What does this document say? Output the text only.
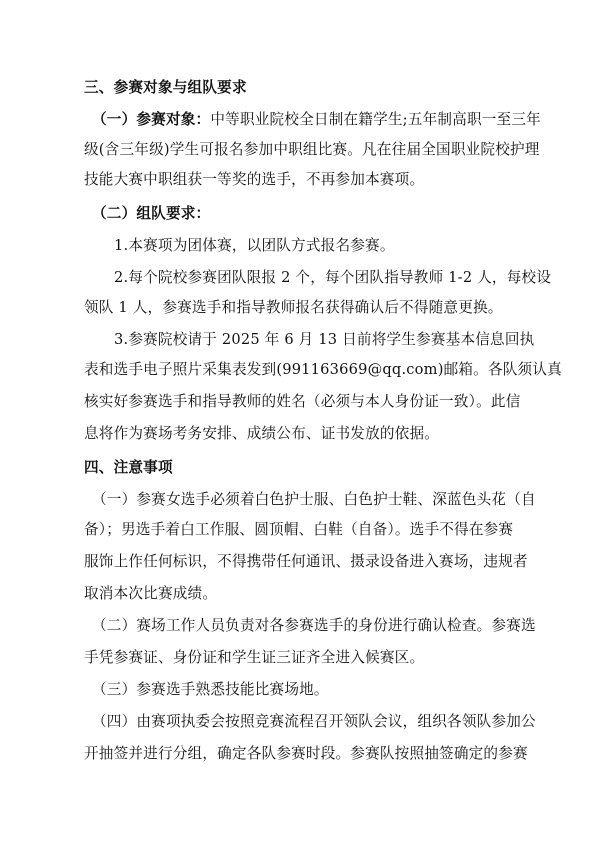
三、参赛对象与组队要求
（一）参赛对象：中等职业院校全日制在籍学生;五年制高职一至三年
级(含三年级)学生可报名参加中职组比赛。凡在往届全国职业院校护理
技能大赛中职组获一等奖的选手，不再参加本赛项。
（二）组队要求：
1.本赛项为团体赛，以团队方式报名参赛。
2.每个院校参赛团队限报 2 个，每个团队指导教师 1-2 人，每校设
领队 1 人，参赛选手和指导教师报名获得确认后不得随意更换。
3.参赛院校请于 2025 年 6 月 13 日前将学生参赛基本信息回执
表和选手电子照片采集表发到(991163669@qq.com)邮箱。各队须认真
核实好参赛选手和指导教师的姓名（必须与本人身份证一致）。此信
息将作为赛场考务安排、成绩公布、证书发放的依据。
四、注意事项
（一）参赛女选手必须着白色护士服、白色护士鞋、深蓝色头花（自
备）；男选手着白工作服、圆顶帽、白鞋（自备）。选手不得在参赛
服饰上作任何标识，不得携带任何通讯、摄录设备进入赛场，违规者
取消本次比赛成绩。
（二）赛场工作人员负责对各参赛选手的身份进行确认检查。参赛选
手凭参赛证、身份证和学生证三证齐全进入候赛区。
（三）参赛选手熟悉技能比赛场地。
（四）由赛项执委会按照竞赛流程召开领队会议，组织各领队参加公
开抽签并进行分组，确定各队参赛时段。参赛队按照抽签确定的参赛
